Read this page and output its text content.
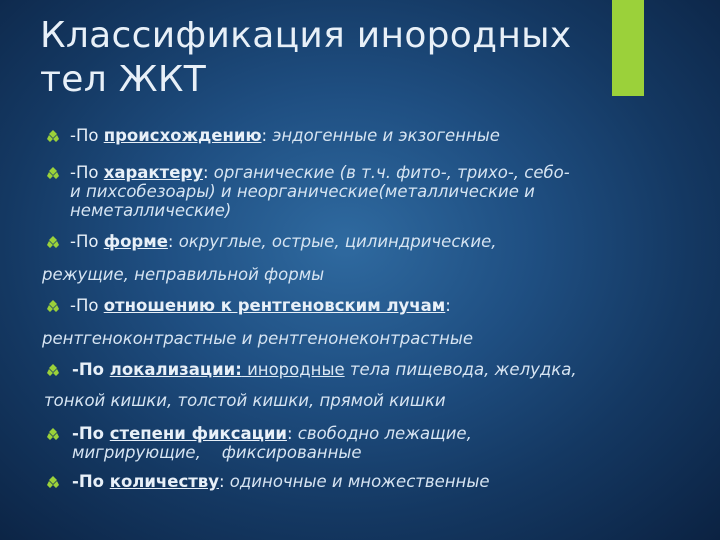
Классификация инородных
тел ЖКТ
-По происхождению: эндогенные и экзогенные
-По характеру: органические (в т.ч. фито-, трихо-, себо-
и пихсобезоары) и неорганические(металлические и
неметаллические)
-По форме: округлые, острые, цилиндрические,
режущие, неправильной формы
-По отношению к рентгеновским лучам:
рентгеноконтрастные и рентгенонеконтрастные
-По локализации: инородные тела пищевода, желудка,
тонкой кишки, толстой кишки, прямой кишки
-По степени фиксации: свободно лежащие,
мигрирующие,    фиксированные
-По количеству: одиночные и множественные
